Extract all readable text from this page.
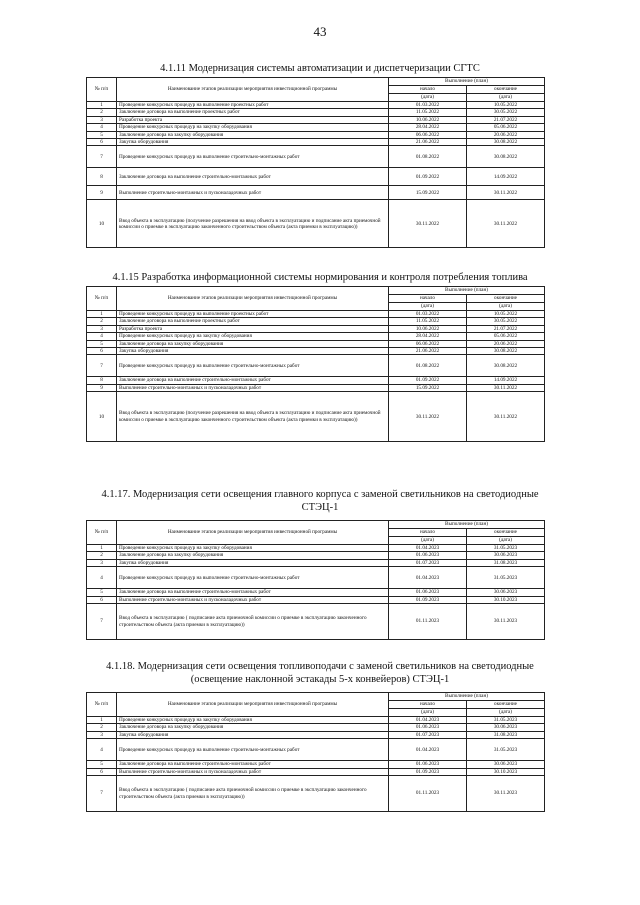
43
4.1.11 Модернизация системы автоматизации и диспетчеризации СГТС
№ п/п	Наименование этапов реализации мероприятия инвестиционной программы	Выполнение (план)	
		начало	окончание
		(дата)	(дата)
1	Проведение конкурсных процедур на выполнение проектных работ	01.03.2022	10.05.2022
2	Заключение договора на выполнение проектных работ	11.05.2022	30.05.2022
3	Разработка проекта	10.06.2022	21.07.2022
4	Проведение конкурсных процедур на закупку оборудования	28.04.2022	05.06.2022
5	Заключение договора на закупку оборудования	06.06.2022	20.06.2022
6	Закупка оборудования	21.06.2022	30.08.2022
7	Проведение конкурсных процедур на выполнение строительно-монтажных работ	01.08.2022	30.08.2022
8	Заключение договора на выполнение строительно-монтажных работ	01.09.2022	14.09.2022
9	Выполнение строительно-монтажных и пусконаладочных работ	15.09.2022	30.11.2022
10	Ввод объекта в эксплуатацию (получение разрешения на ввод объекта в эксплуатацию и подписание акта приемочной комиссии о приемке в эксплуатацию законченного строительством объекта (акта приемки в эксплуатацию))	30.11.2022	30.11.2022
4.1.15 Разработка информационной системы нормирования и контроля потребления топлива
№ п/п	Наименование этапов реализации мероприятия инвестиционной программы	Выполнение (план)	
		начало	окончание
		(дата)	(дата)
1	Проведение конкурсных процедур на выполнение проектных работ	01.03.2022	10.05.2022
2	Заключение договора на выполнение проектных работ	11.05.2022	30.05.2022
3	Разработка проекта	10.06.2022	21.07.2022
4	Проведение конкурсных процедур на закупку оборудования	28.04.2022	05.06.2022
5	Заключение договора на закупку оборудования	06.06.2022	20.06.2022
6	Закупка оборудования	21.06.2022	30.08.2022
7	Проведение конкурсных процедур на выполнение строительно-монтажных работ	01.08.2022	30.08.2022
8	Заключение договора на выполнение строительно-монтажных работ	01.09.2022	14.09.2022
9	Выполнение строительно-монтажных и пусконаладочных работ	15.09.2022	30.11.2022
10	Ввод объекта в эксплуатацию (получение разрешения на ввод объекта в эксплуатацию и подписание акта приемочной комиссии о приемке в эксплуатацию законченного строительством объекта (акта приемки в эксплуатацию))	30.11.2022	30.11.2022
4.1.17. Модернизация сети освещения главного корпуса с заменой светильников на светодиодные
СТЭЦ-1
№ п/п	Наименование этапов реализации мероприятия инвестиционной программы	Выполнение (план)	
		начало	окончание
		(дата)	(дата)
1	Проведение конкурсных процедур на закупку оборудования	01.04.2023	31.05.2023
2	Заключение договора на закупку оборудования	01.06.2023	30.06.2023
3	Закупка оборудования	01.07.2023	31.08.2023
4	Проведение конкурсных процедур на выполнение строительно-монтажных работ	01.04.2023	31.05.2023
5	Заключение договора на выполнение строительно-монтажных работ	01.06.2023	30.06.2023
6	Выполнение строительно-монтажных и пусконаладочных работ	01.09.2023	30.10.2023
7	Ввод объекта в эксплуатацию ( подписание акта приемочной комиссии о приемке в эксплуатацию законченного строительством объекта (акта приемки в эксплуатацию))	01.11.2023	30.11.2023
4.1.18. Модернизация сети освещения топливоподачи с заменой светильников на светодиодные
(освещение наклонной эстакады 5-х конвейеров) СТЭЦ-1
№ п/п	Наименование этапов реализации мероприятия инвестиционной программы	Выполнение (план)	
		начало	окончание
		(дата)	(дата)
1	Проведение конкурсных процедур на закупку оборудования	01.04.2023	31.05.2023
2	Заключение договора на закупку оборудования	01.06.2023	30.06.2023
3	Закупка оборудования	01.07.2023	31.08.2023
4	Проведение конкурсных процедур на выполнение строительно-монтажных работ	01.04.2023	31.05.2023
5	Заключение договора на выполнение строительно-монтажных работ	01.06.2023	30.06.2023
6	Выполнение строительно-монтажных и пусконаладочных работ	01.09.2023	30.10.2023
7	Ввод объекта в эксплуатацию ( подписание акта приемочной комиссии о приемке в эксплуатацию законченного строительством объекта (акта приемки в эксплуатацию))	01.11.2023	30.11.2023
